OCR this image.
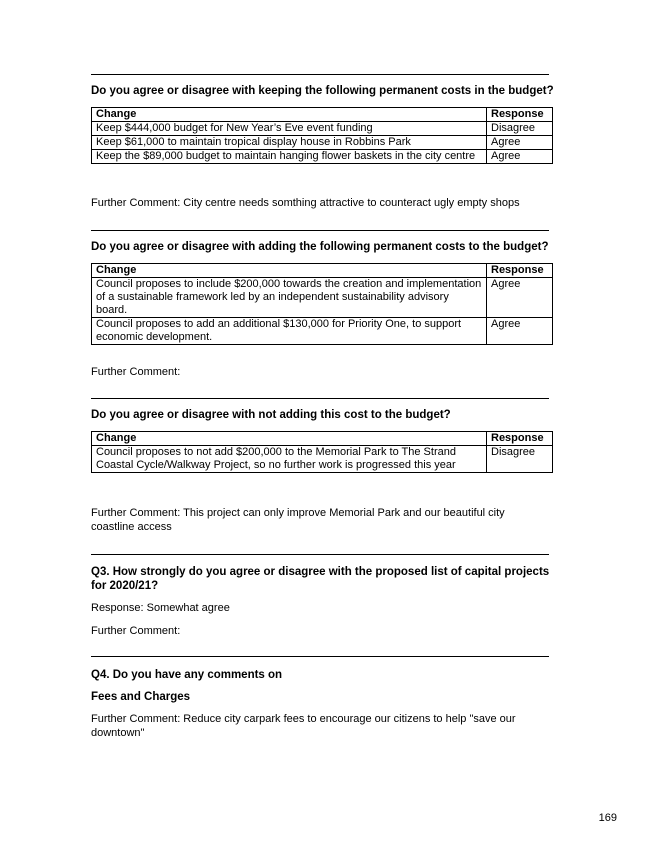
Do you agree or disagree with keeping the following permanent costs in the budget?
Change	Response
Keep $444,000 budget for New Year’s Eve event funding	Disagree
Keep $61,000 to maintain tropical display house in Robbins Park	Agree
Keep the $89,000 budget to maintain hanging flower baskets in the city centre	Agree
Further Comment: City centre needs somthing attractive to counteract ugly empty shops
Do you agree or disagree with adding the following permanent costs to the budget?
Change	Response
Council proposes to include $200,000 towards the creation and implementation of a sustainable framework led by an independent sustainability advisory board.	Agree
Council proposes to add an additional $130,000 for Priority One, to support economic development.	Agree
Further Comment:
Do you agree or disagree with not adding this cost to the budget?
Change	Response
Council proposes to not add $200,000 to the Memorial Park to The Strand Coastal Cycle/Walkway Project, so no further work is progressed this year	Disagree
Further Comment: This project can only improve Memorial Park and our beautiful city coastline access
Q3. How strongly do you agree or disagree with the proposed list of capital projects for 2020/21?
Response: Somewhat agree
Further Comment:
Q4. Do you have any comments on
Fees and Charges
Further Comment: Reduce city carpark fees to encourage our citizens to help "save our downtown"
169
